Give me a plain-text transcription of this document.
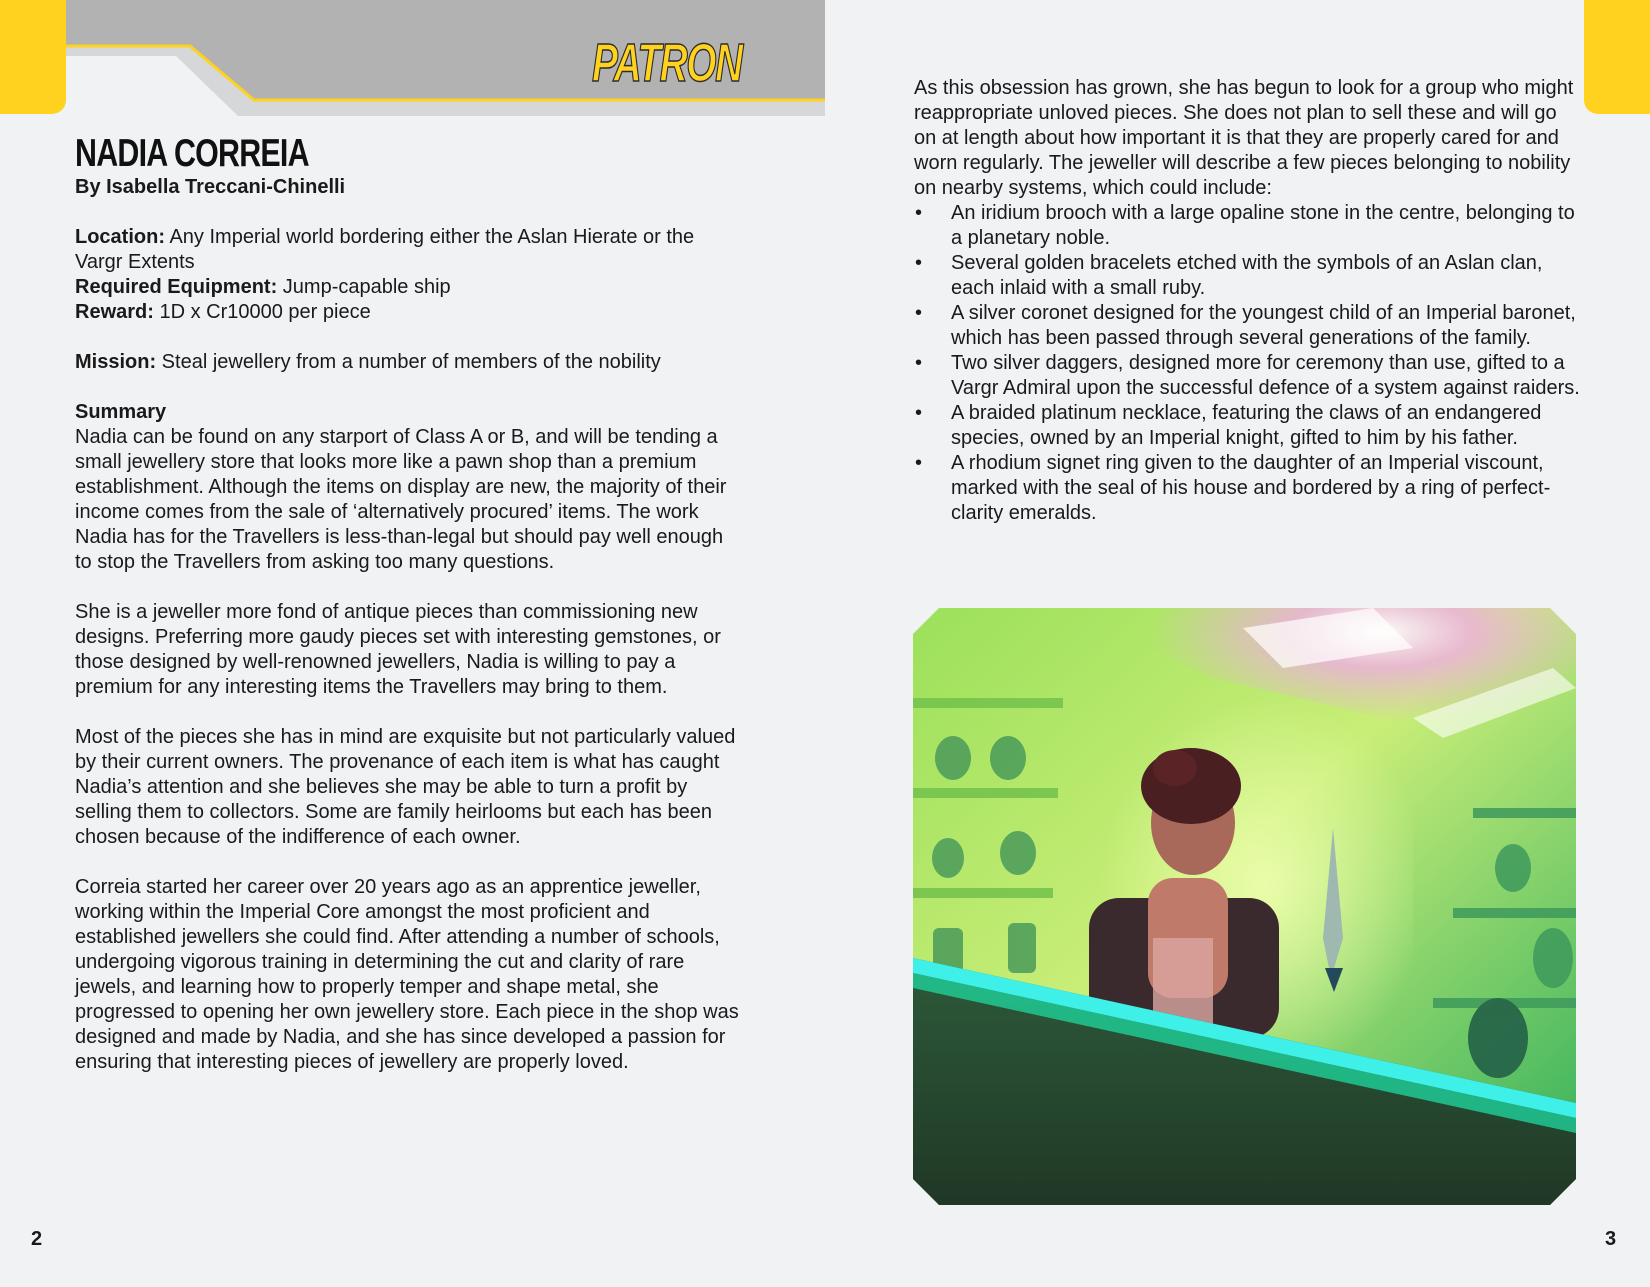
PATRON
NADIA CORREIA
By Isabella Treccani-Chinelli

Location: Any Imperial world bordering either the Aslan Hierate or the Vargr Extents

Required Equipment: Jump-capable ship

Reward: 1D x Cr10000 per piece

Mission: Steal jewellery from a number of members of the nobility

Summary

Nadia can be found on any starport of Class A or B, and will be tending a small jewellery store that looks more like a pawn shop than a premium establishment. Although the items on display are new, the majority of their income comes from the sale of ‘alternatively procured’ items. The work Nadia has for the Travellers is less-than-legal but should pay well enough to stop the Travellers from asking too many questions.

She is a jeweller more fond of antique pieces than commissioning new designs. Preferring more gaudy pieces set with interesting gemstones, or those designed by well-renowned jewellers, Nadia is willing to pay a premium for any interesting items the Travellers may bring to them.

Most of the pieces she has in mind are exquisite but not particularly valued by their current owners. The provenance of each item is what has caught Nadia’s attention and she believes she may be able to turn a profit by selling them to collectors. Some are family heirlooms but each has been chosen because of the indifference of each owner.

Correia started her career over 20 years ago as an apprentice jeweller, working within the Imperial Core amongst the most proficient and established jewellers she could find. After attending a number of schools, undergoing vigorous training in determining the cut and clarity of rare jewels, and learning how to properly temper and shape metal, she progressed to opening her own jewellery store. Each piece in the shop was designed and made by Nadia, and she has since developed a passion for ensuring that interesting pieces of jewellery are properly loved.

As this obsession has grown, she has begun to look for a group who might reappropriate unloved pieces. She does not plan to sell these and will go on at length about how important it is that they are properly cared for and worn regularly. The jeweller will describe a few pieces belonging to nobility on nearby systems, which could include:

• An iridium brooch with a large opaline stone in the centre, belonging to a planetary noble.
• Several golden bracelets etched with the symbols of an Aslan clan, each inlaid with a small ruby.
• A silver coronet designed for the youngest child of an Imperial baronet, which has been passed through several generations of the family.
• Two silver daggers, designed more for ceremony than use, gifted to a Vargr Admiral upon the successful defence of a system against raiders.
• A braided platinum necklace, featuring the claws of an endangered species, owned by an Imperial knight, gifted to him by his father.
• A rhodium signet ring given to the daughter of an Imperial viscount, marked with the seal of his house and bordered by a ring of perfect-clarity emeralds.
2	3
